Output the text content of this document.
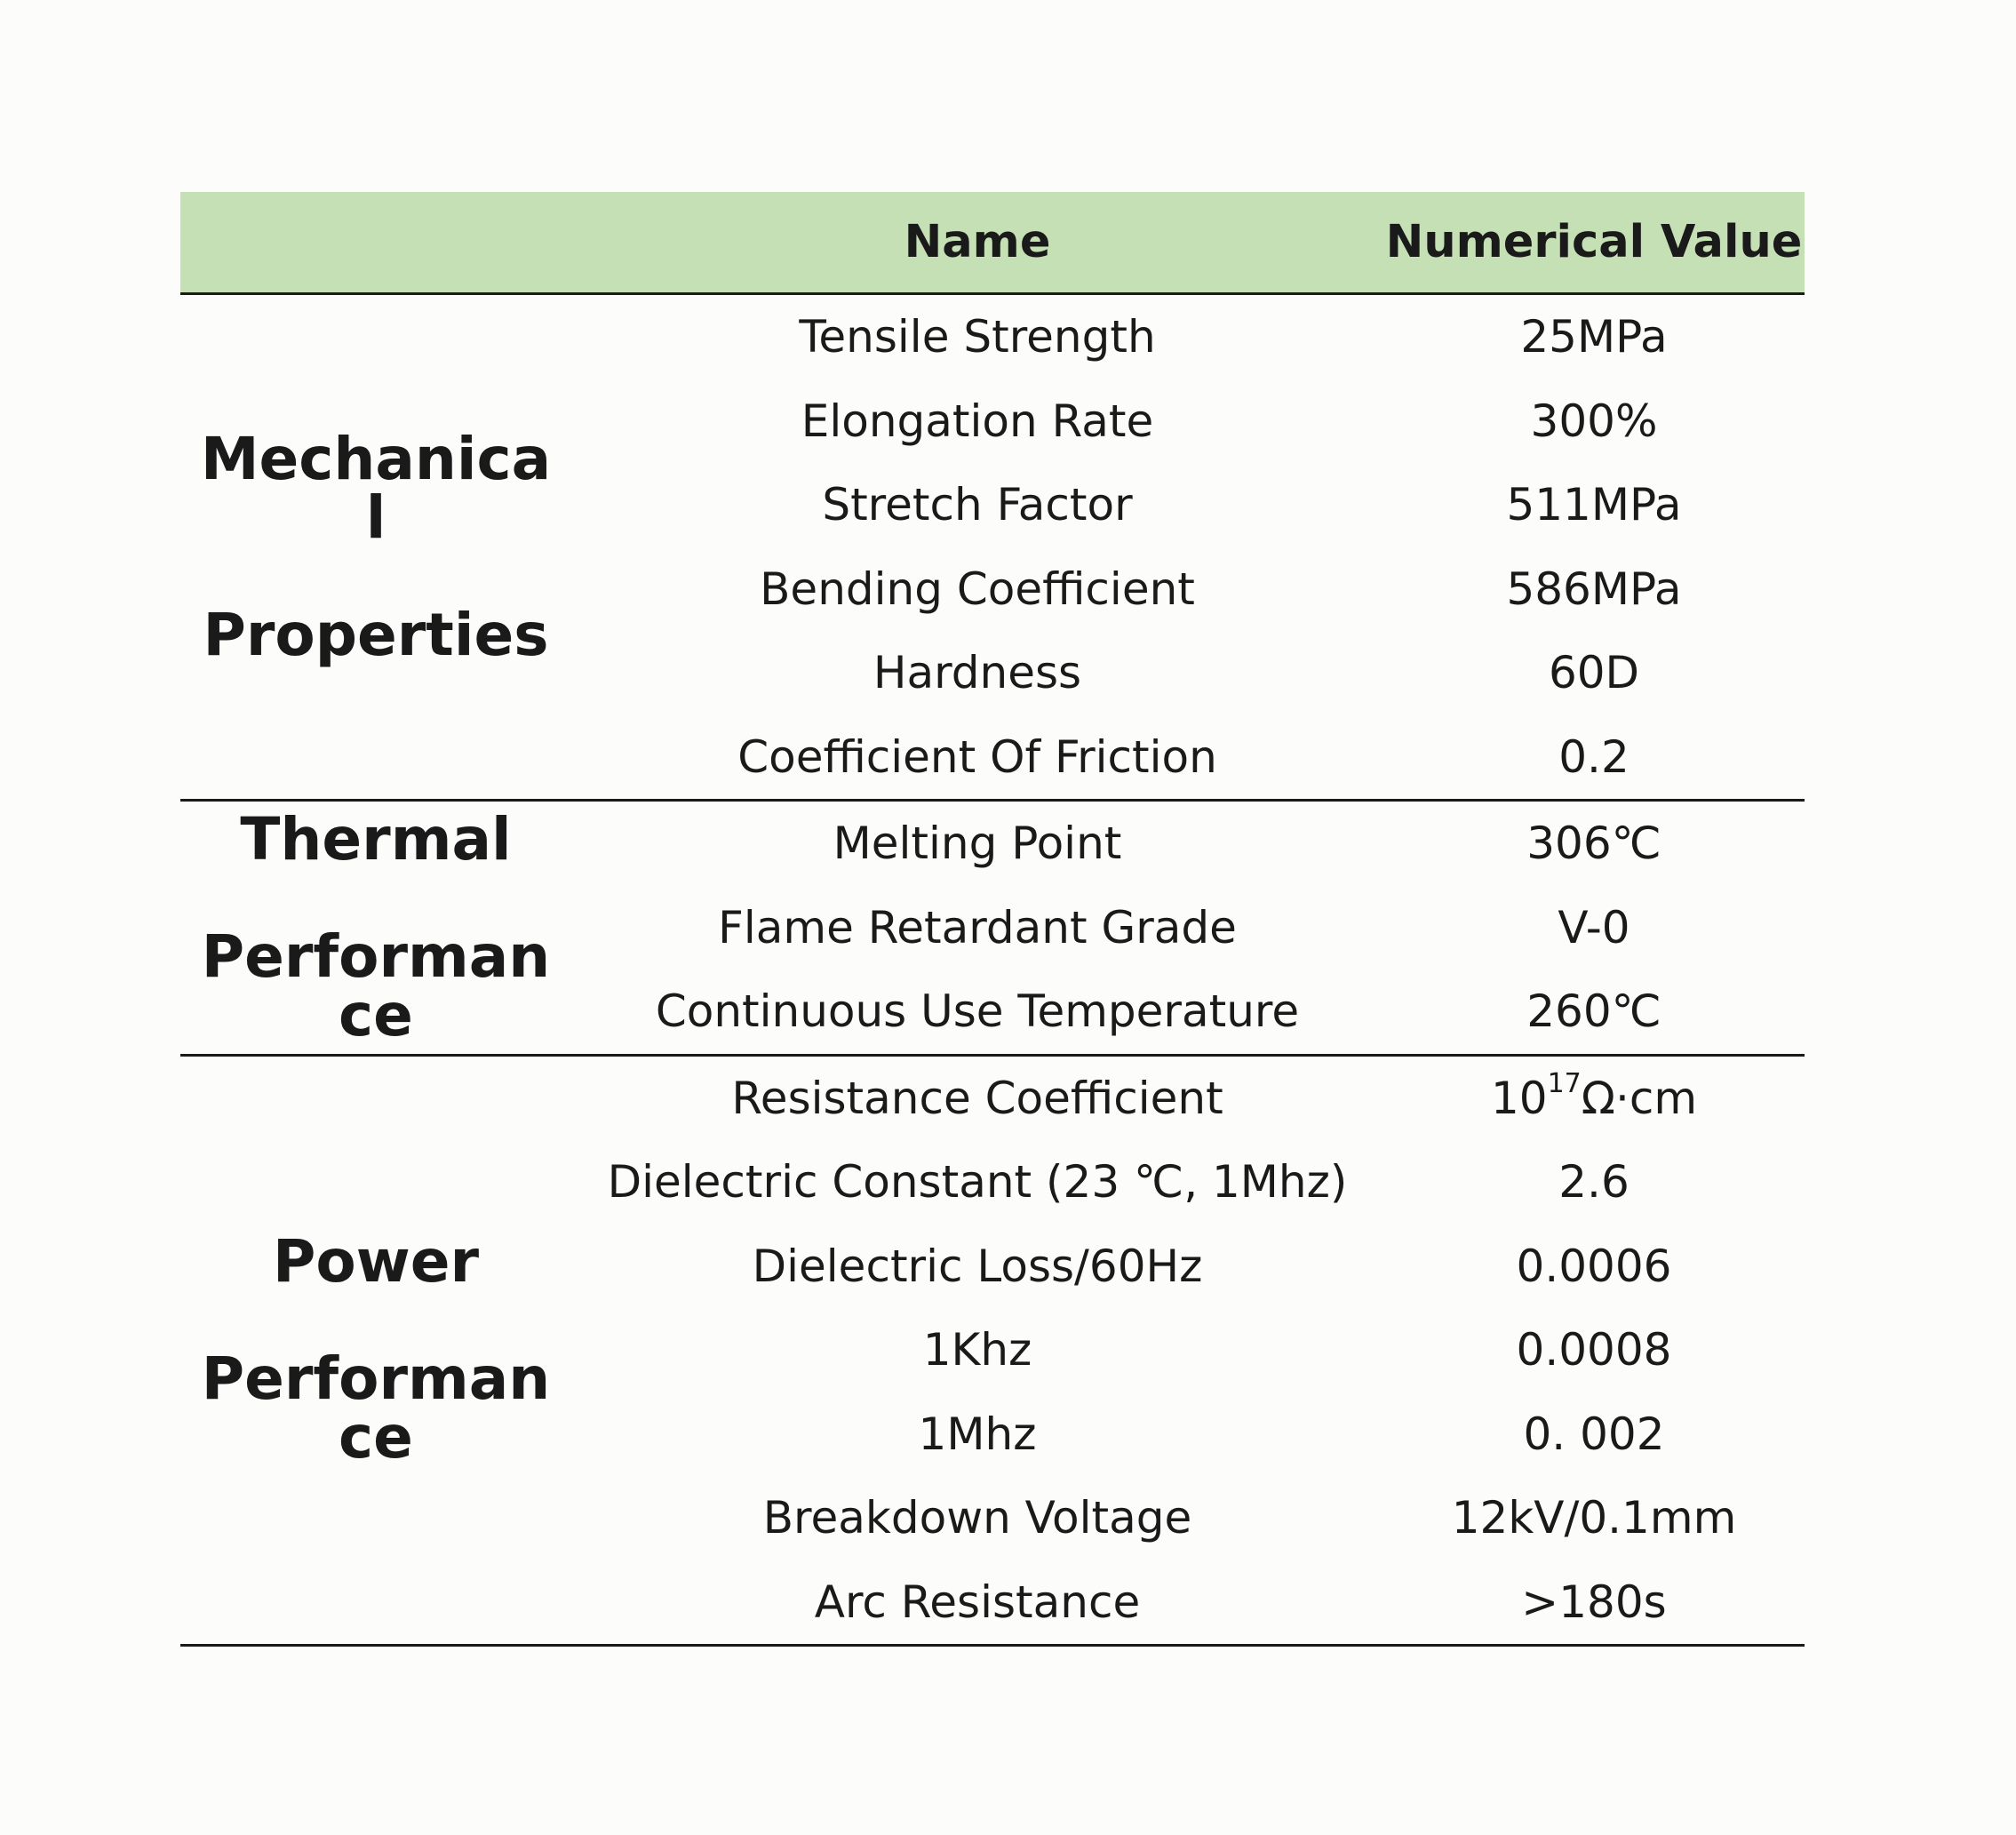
Name	Numerical Value
Mechanical

Properties
Tensile Strength	25MPa
Elongation Rate	300%
Stretch Factor	511MPa
Bending Coefficient	586MPa
Hardness	60D
Coefficient Of Friction	0.2
Thermal

Performance
Melting Point	306℃
Flame Retardant Grade	V-0
Continuous Use Temperature	260℃
Power

Performance
Resistance Coefficient	$10^{17}\Omega\cdot cm$
Dielectric Constant (23 ℃, 1Mhz)	2.6
Dielectric Loss/60Hz	0.0006
1Khz	0.0008
1Mhz	0. 002
Breakdown Voltage	12kV/0.1mm
Arc Resistance	>180s
